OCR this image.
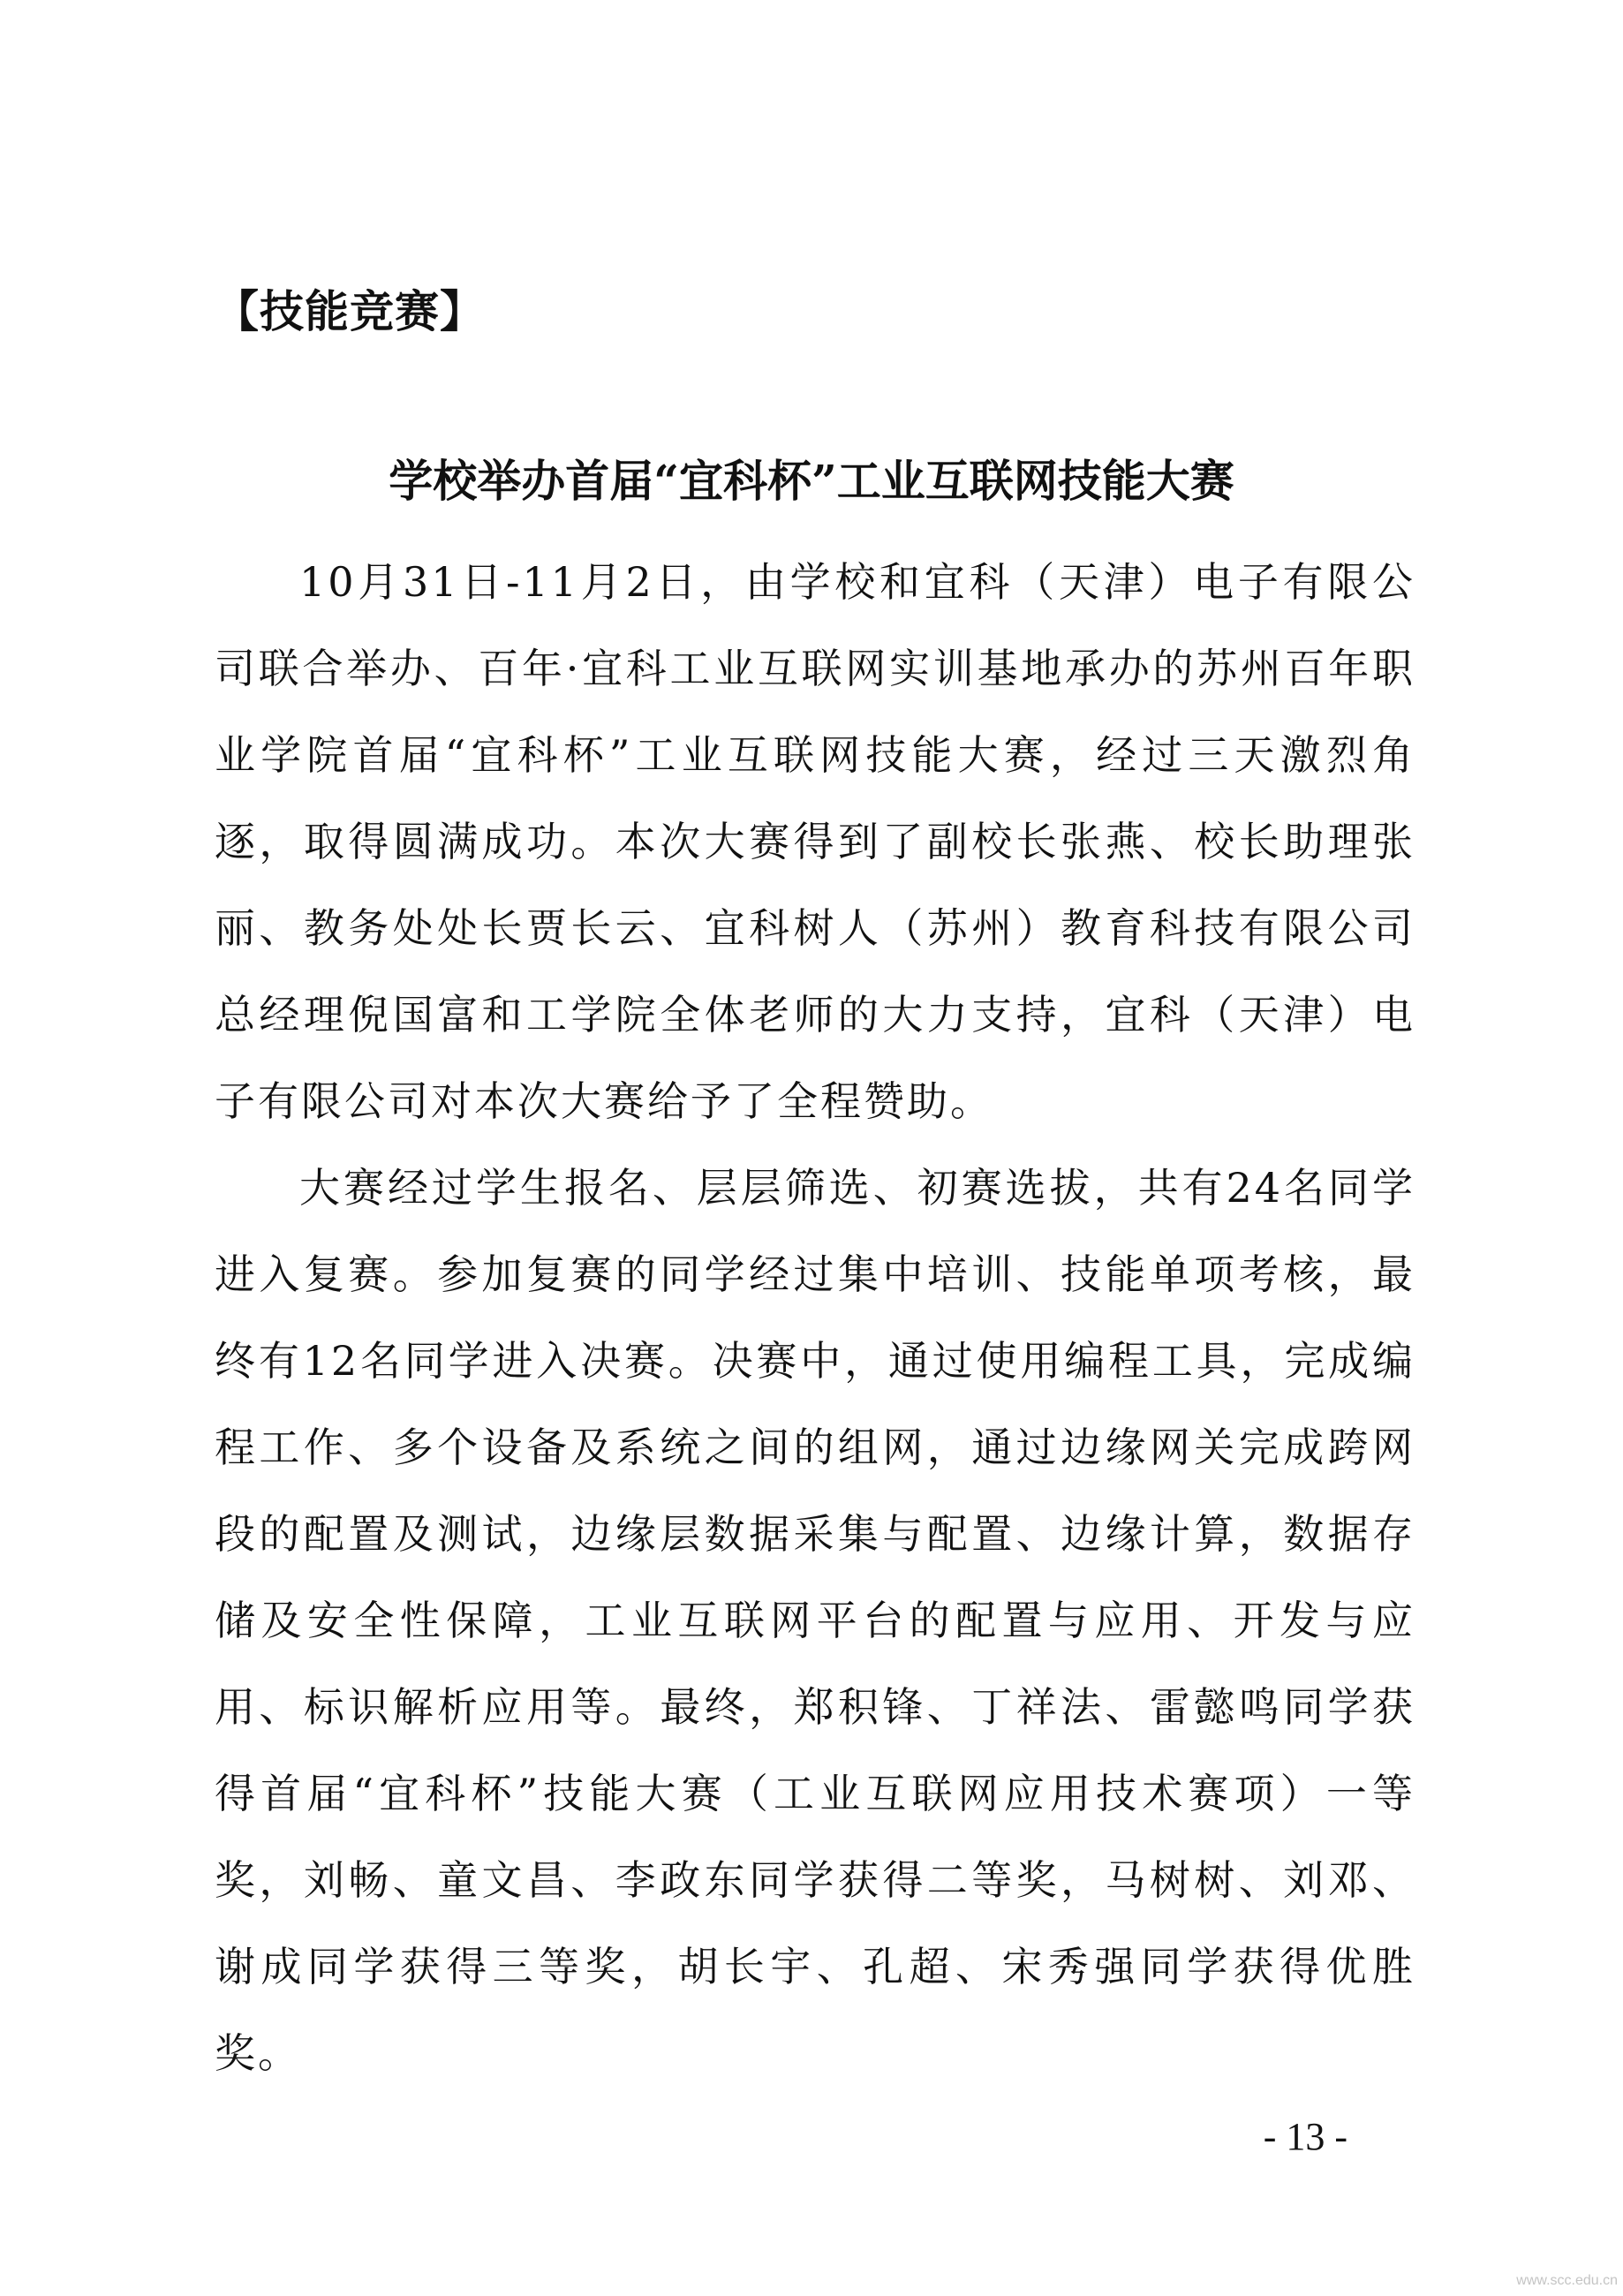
【技能竞赛】
学校举办首届“宜科杯”工业互联网技能大赛

10月31日-11月2日，由学校和宜科（天津）电子有限公司联合举办、百年·宜科工业互联网实训基地承办的苏州百年职业学院首届“宜科杯”工业互联网技能大赛，经过三天激烈角逐，取得圆满成功。本次大赛得到了副校长张燕、校长助理张丽、教务处处长贾长云、宜科树人（苏州）教育科技有限公司总经理倪国富和工学院全体老师的大力支持，宜科（天津）电子有限公司对本次大赛给予了全程赞助。

大赛经过学生报名、层层筛选、初赛选拔，共有24名同学进入复赛。参加复赛的同学经过集中培训、技能单项考核，最终有12名同学进入决赛。决赛中，通过使用编程工具，完成编程工作、多个设备及系统之间的组网，通过边缘网关完成跨网段的配置及测试，边缘层数据采集与配置、边缘计算，数据存储及安全性保障，工业互联网平台的配置与应用、开发与应用、标识解析应用等。最终，郑积锋、丁祥法、雷懿鸣同学获得首届“宜科杯”技能大赛（工业互联网应用技术赛项）一等奖，刘畅、童文昌、李政东同学获得二等奖，马树树、刘邓、谢成同学获得三等奖，胡长宇、孔超、宋秀强同学获得优胜奖。

- 13 -
www.scc.edu.cn
